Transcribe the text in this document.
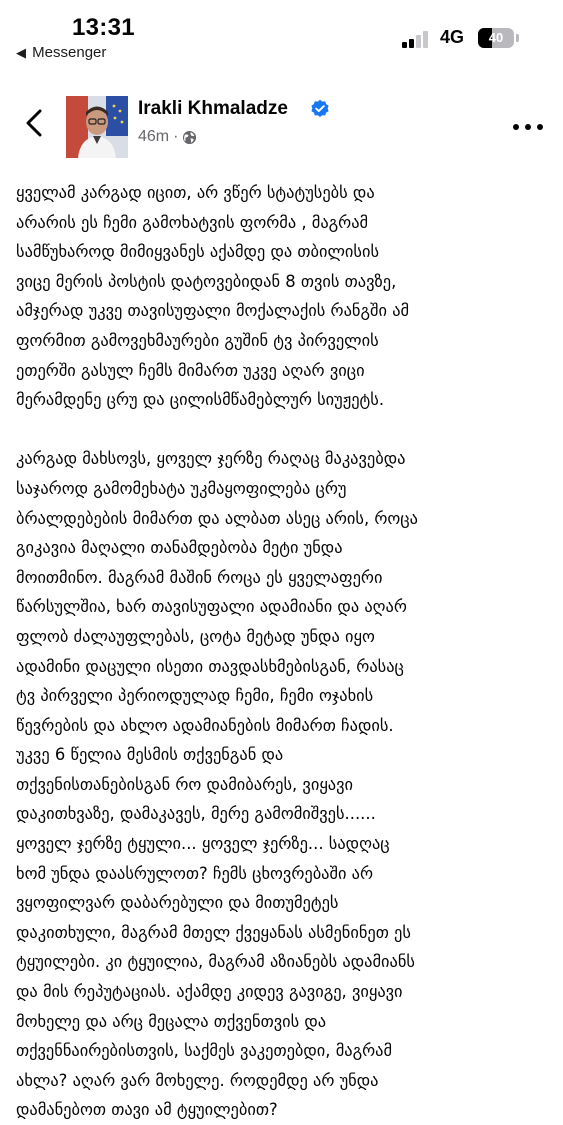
13:31
◀ Messenger
4G	40
Irakli Khmaladze
46m ·

ყველამ კარგად იცით, არ ვწერ სტატუსებს და
არარის ეს ჩემი გამოხატვის ფორმა , მაგრამ
სამწუხაროდ მიმიყვანეს აქამდე და თბილისის
ვიცე მერის პოსტის დატოვებიდან 8 თვის თავზე,
ამჯერად უკვე თავისუფალი მოქალაქის რანგში ამ
ფორმით გამოვეხმაურები გუშინ ტვ პირველის
ეთერში გასულ ჩემს მიმართ უკვე აღარ ვიცი
მერამდენე ცრუ და ცილისმწამებლურ სიუჟეტს.

კარგად მახსოვს, ყოველ ჯერზე რაღაც მაკავებდა
საჯაროდ გამომეხატა უკმაყოფილება ცრუ
ბრალდებების მიმართ და ალბათ ასეც არის, როცა
გიკავია მაღალი თანამდებობა მეტი უნდა
მოითმინო. მაგრამ მაშინ როცა ეს ყველაფერი
წარსულშია, ხარ თავისუფალი ადამიანი და აღარ
ფლობ ძალაუფლებას, ცოტა მეტად უნდა იყო
ადამინი დაცული ისეთი თავდასხმებისგან, რასაც
ტვ პირველი პერიოდულად ჩემი, ჩემი ოჯახის
წევრების და ახლო ადამიანების მიმართ ჩადის.
უკვე 6 წელია მესმის თქვენგან და
თქვენისთანებისგან რო დამიბარეს, ვიყავი
დაკითხვაზე, დამაკავეს, მერე გამომიშვეს......
ყოველ ჯერზე ტყული... ყოველ ჯერზე... სადღაც
ხომ უნდა დაასრულოთ? ჩემს ცხოვრებაში არ
ვყოფილვარ დაბარებული და მითუმეტეს
დაკითხული, მაგრამ მთელ ქვეყანას ასმენინეთ ეს
ტყუილები. კი ტყუილია, მაგრამ აზიანებს ადამიანს
და მის რეპუტაციას. აქამდე კიდევ გავიგე, ვიყავი
მოხელე და არც მეცალა თქვენთვის და
თქვენნაირებისთვის, საქმეს ვაკეთებდი, მაგრამ
ახლა? აღარ ვარ მოხელე. როდემდე არ უნდა
დამანებოთ თავი ამ ტყუილებით?
